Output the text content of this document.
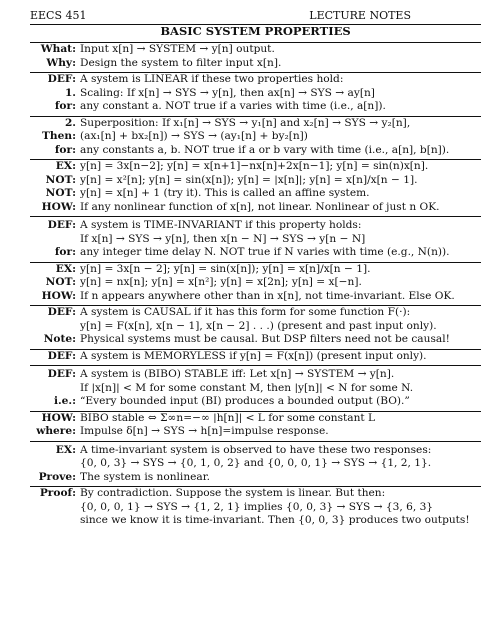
EECS 451	LECTURE NOTES
BASIC SYSTEM PROPERTIES
What: Input x[n] → SYSTEM → y[n] output.
Why: Design the system to filter input x[n].
DEF: A system is LINEAR if these two properties hold:
1. Scaling: If x[n] → SYS → y[n], then ax[n] → SYS → ay[n]
for: any constant a. NOT true if a varies with time (i.e., a[n]).
2. Superposition: If x₁[n] → SYS → y₁[n] and x₂[n] → SYS → y₂[n],
Then: (ax₁[n] + bx₂[n]) → SYS → (ay₁[n] + by₂[n])
for: any constants a, b. NOT true if a or b vary with time (i.e., a[n], b[n]).
EX: y[n] = 3x[n−2]; y[n] = x[n+1]−nx[n]+2x[n−1]; y[n] = sin(n)x[n].
NOT: y[n] = x²[n]; y[n] = sin(x[n]); y[n] = |x[n]|; y[n] = x[n]/x[n − 1].
NOT: y[n] = x[n] + 1 (try it). This is called an affine system.
HOW: If any nonlinear function of x[n], not linear. Nonlinear of just n OK.
DEF: A system is TIME-INVARIANT if this property holds:
If x[n] → SYS → y[n], then x[n − N] → SYS → y[n − N]
for: any integer time delay N. NOT true if N varies with time (e.g., N(n)).
EX: y[n] = 3x[n − 2]; y[n] = sin(x[n]); y[n] = x[n]/x[n − 1].
NOT: y[n] = nx[n]; y[n] = x[n²]; y[n] = x[2n]; y[n] = x[−n].
HOW: If n appears anywhere other than in x[n], not time-invariant. Else OK.
DEF: A system is CAUSAL if it has this form for some function F(·):
y[n] = F(x[n], x[n − 1], x[n − 2] . . .) (present and past input only).
Note: Physical systems must be causal. But DSP filters need not be causal!
DEF: A system is MEMORYLESS if y[n] = F(x[n]) (present input only).
DEF: A system is (BIBO) STABLE iff: Let x[n] → SYSTEM → y[n].
If |x[n]| < M for some constant M, then |y[n]| < N for some N.
i.e.: “Every bounded input (BI) produces a bounded output (BO).”
HOW: BIBO stable ⇔ Σ∞n=−∞ |h[n]| < L for some constant L
where: Impulse δ[n] → SYS → h[n]=impulse response.
EX: A time-invariant system is observed to have these two responses:
{0, 0, 3} → SYS → {0, 1, 0, 2} and {0, 0, 0, 1} → SYS → {1, 2, 1}.
Prove: The system is nonlinear.
Proof: By contradiction. Suppose the system is linear. But then:
{0, 0, 0, 1} → SYS → {1, 2, 1} implies {0, 0, 3} → SYS → {3, 6, 3}
since we know it is time-invariant. Then {0, 0, 3} produces two outputs!
